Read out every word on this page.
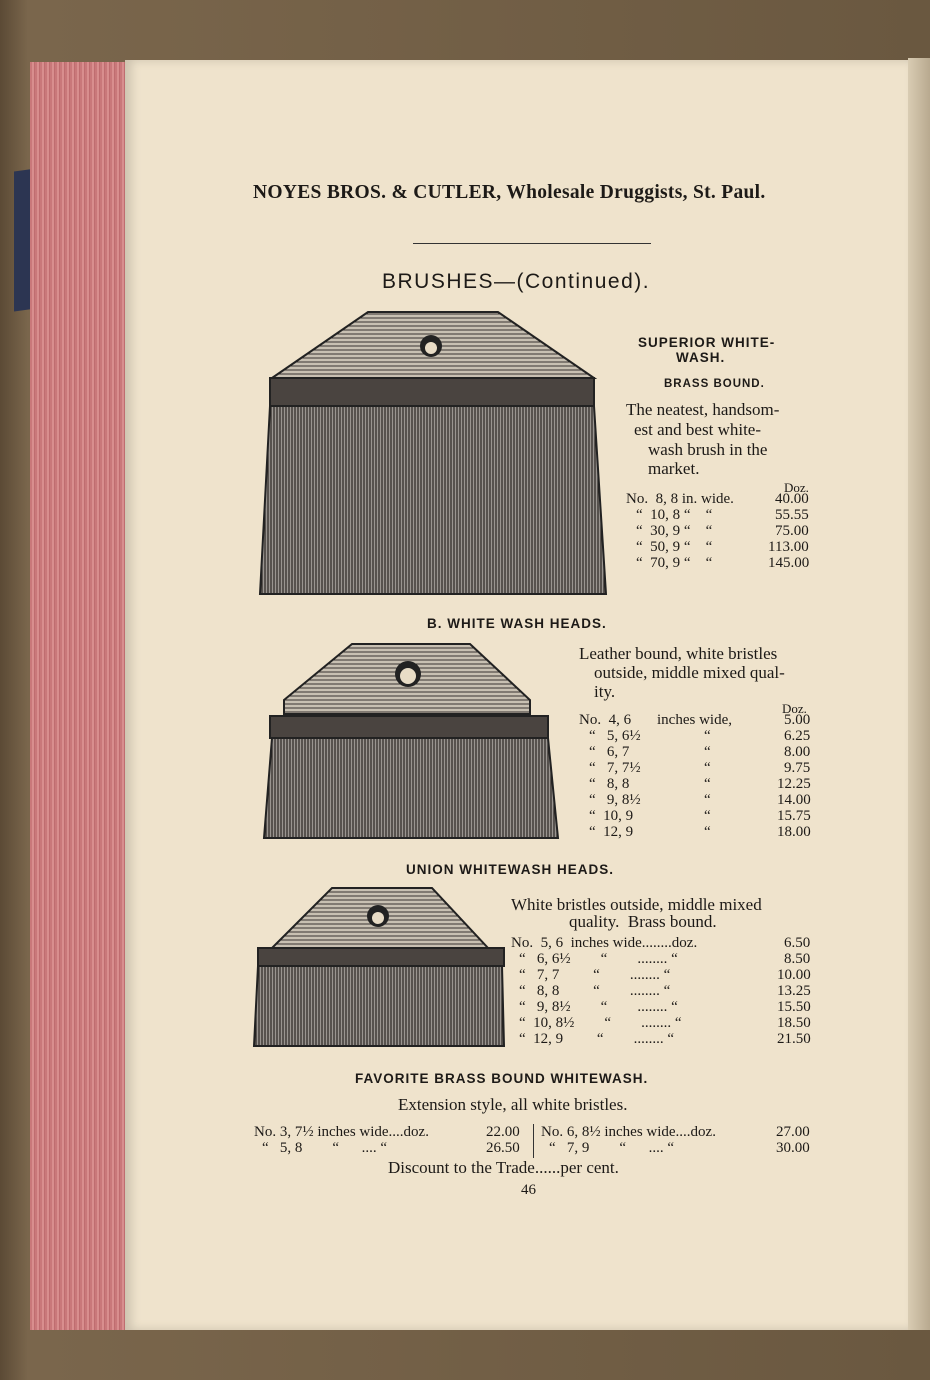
NOYES BROS. & CUTLER, Wholesale Druggists, St. Paul.
BRUSHES—(Continued).
SUPERIOR WHITE-
WASH.
BRASS BOUND.
The neatest, handsom-
est and best white-
wash brush in the
market.
Doz.
No.  8, 8 in. wide.	40.00
“  10, 8 “    “	55.55
“  30, 9 “    “	75.00
“  50, 9 “    “	113.00
“  70, 9 “    “	145.00
B. WHITE WASH HEADS.
Leather bound, white bristles
outside, middle mixed qual-
ity.
Doz.
No.  4, 6 inches wide,	5.00
“   5, 6½	“	6.25
“   6, 7	“	8.00
“   7, 7½	“	9.75
“   8, 8	“	12.25
“   9, 8½	“	14.00
“  10, 9	“	15.75
“  12, 9	“	18.00
UNION WHITEWASH HEADS.
White bristles outside, middle mixed
quality.  Brass bound.
No.  5, 6  inches wide........doz.	6.50
“   6, 6½        “        ........ “	8.50
“   7, 7         “        ........ “	10.00
“   8, 8         “        ........ “	13.25
“   9, 8½        “        ........ “	15.50
“  10, 8½        “        ........ “	18.50
“  12, 9         “        ........ “	21.50
FAVORITE BRASS BOUND WHITEWASH.
Extension style, all white bristles.
No. 3, 7½ inches wide....doz.	22.00
“   5, 8        “      .... “	26.50
No. 6, 8½ inches wide....doz.	27.00
“   7, 9        “      .... “	30.00
Discount to the Trade......per cent.
46
